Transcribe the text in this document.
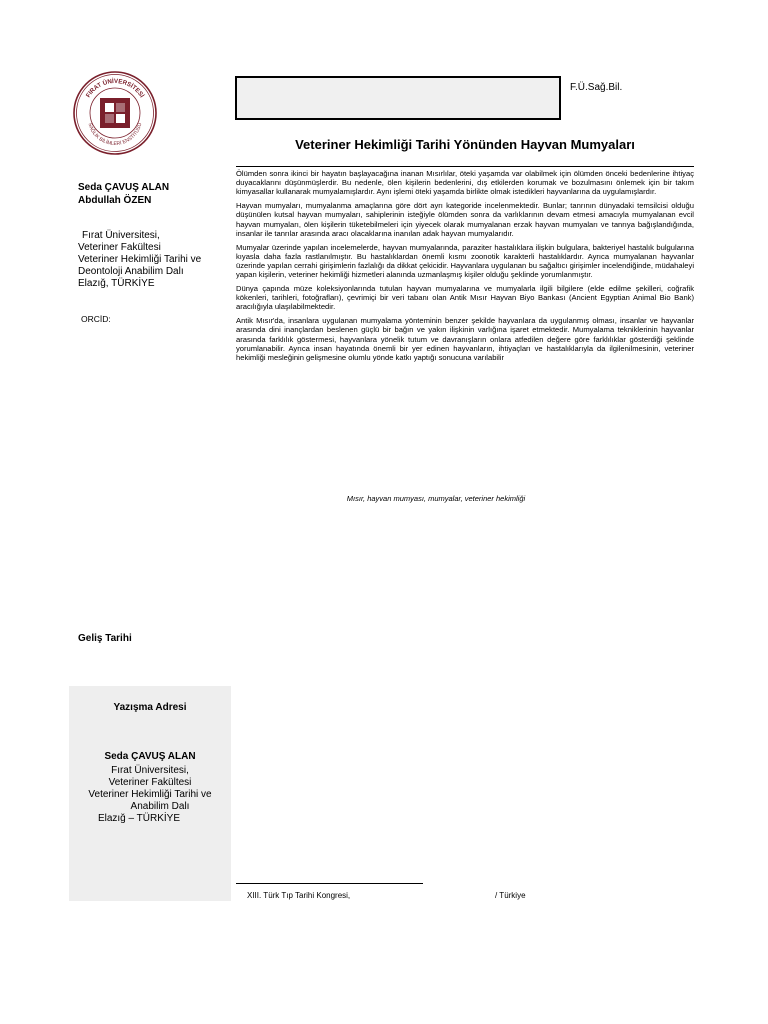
FIRAT ÜNİVERSİTESİ
SAĞLIK BİLİMLERİ ENSTİTÜSÜ
F.Ü.Sağ.Bil.
Veteriner Hekimliği Tarihi Yönünden Hayvan Mumyaları
Seda ÇAVUŞ ALAN
Abdullah ÖZEN
Fırat Üniversitesi,
Veteriner Fakültesi
Veteriner Hekimliği Tarihi ve
Deontoloji Anabilim Dalı
Elazığ, TÜRKİYE
ORCİD:
Geliş Tarihi
Yazışma Adresi
Seda ÇAVUŞ ALAN
Fırat Üniversitesi,
Veteriner Fakültesi
Veteriner Hekimliği Tarihi ve
Anabilim Dalı
Elazığ – TÜRKİYE

Ölümden sonra ikinci bir hayatın başlayacağına inanan Mısırlılar, öteki yaşamda var olabilmek için ölümden önceki bedenlerine ihtiyaç duyacaklarını düşünmüşlerdir. Bu nedenle, ölen kişilerin bedenlerini, dış etkilerden korumak ve bozulmasını önlemek için bir takım kimyasallar kullanarak mumyalamışlardır. Aynı işlemi öteki yaşamda birlikte olmak istedikleri hayvanlarına da uygulamışlardır.

Hayvan mumyaları, mumyalanma amaçlarına göre dört ayrı kategoride incelenmektedir. Bunlar; tanrının dünyadaki temsilcisi olduğu düşünülen kutsal hayvan mumyaları, sahiplerinin isteğiyle ölümden sonra da varlıklarının devam etmesi amacıyla mumyalanan evcil hayvan mumyaları, ölen kişilerin tüketebilmeleri için yiyecek olarak mumyalanan erzak hayvan mumyaları ve tanrıya bağışlandığında, insanlar ile tanrılar arasında aracı olacaklarına inanılan adak hayvan mumyalarıdır.

Mumyalar üzerinde yapılan incelemelerde, hayvan mumyalarında, paraziter hastalıklara ilişkin bulgulara, bakteriyel hastalık bulgularına kıyasla daha fazla rastlanılmıştır. Bu hastalıklardan önemli kısmı zoonotik karakterli hastalıklardır. Ayrıca mumyalanan hayvanlar üzerinde yapılan cerrahi girişimlerin fazlalığı da dikkat çekicidir. Hayvanlara uygulanan bu sağaltıcı girişimler incelendiğinde, müdahaleyi yapan kişilerin, veteriner hekimliği hizmetleri alanında uzmanlaşmış kişiler olduğu şeklinde yorumlanmıştır.

Dünya çapında müze koleksiyonlarında tutulan hayvan mumyalarına ve mumyalarla ilgili bilgilere (elde edilme şekilleri, coğrafik kökenleri, tarihleri, fotoğrafları), çevrimiçi bir veri tabanı olan Antik Mısır Hayvan Biyo Bankası (Ancient Egyptian Animal Bio Bank) aracılığıyla ulaşılabilmektedir.

Antik Mısır'da, insanlara uygulanan mumyalama yönteminin benzer şekilde hayvanlara da uygulanmış olması, insanlar ve hayvanlar arasında dini inançlardan beslenen güçlü bir bağın ve yakın ilişkinin varlığına işaret etmektedir. Mumyalama tekniklerinin hayvanlar arasında farklılık göstermesi, hayvanlara yönelik tutum ve davranışların onlara atfedilen değere göre farklılıklar gösterdiği şeklinde yorumlanabilir. Ayrıca insan hayatında önemli bir yer edinen hayvanların, ihtiyaçları ve hastalıklarıyla da ilgilenilmesinin, veteriner hekimliği mesleğinin gelişmesine olumlu yönde katkı yaptığı sonucuna varılabilir

Mısır, hayvan mumyası, mumyalar, veteriner hekimliği
XIII. Türk Tıp Tarihi Kongresi,	/ Türkiye
